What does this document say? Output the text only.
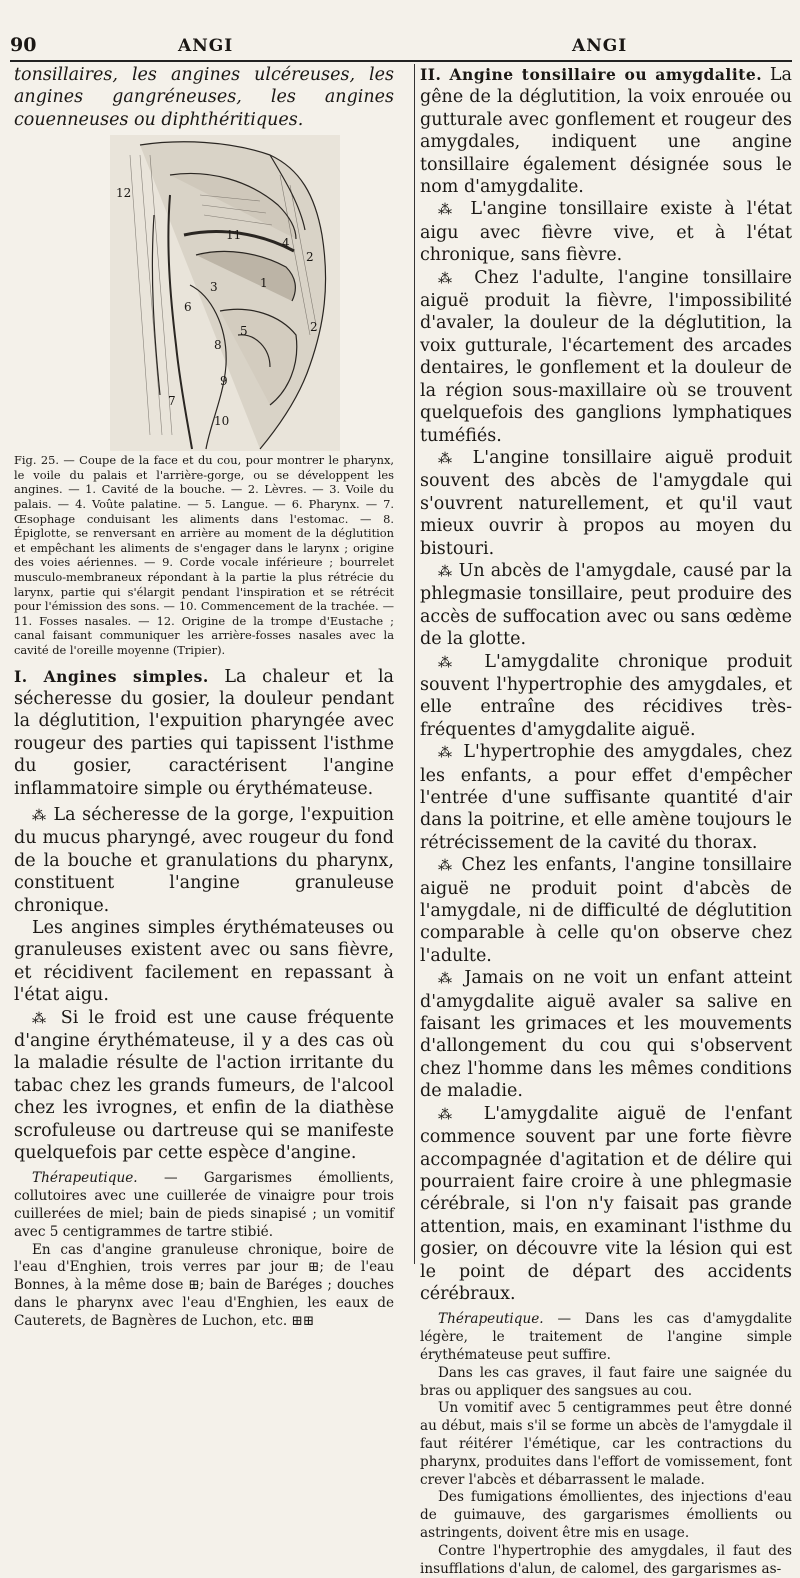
90	ANGI	ANGI

tonsillaires, les angines ulcéreuses, les angines gangréneuses, les angines couenneuses ou diphthéritiques.

12
11
1
2
2
3
4
5
6
7
8
9
10

Fig. 25. — Coupe de la face et du cou, pour montrer le pharynx, le voile du palais et l'arrière-gorge, ou se développent les angines. — 1. Cavité de la bouche. — 2. Lèvres. — 3. Voile du palais. — 4. Voûte palatine. — 5. Langue. — 6. Pharynx. — 7. Œsophage conduisant les aliments dans l'estomac. — 8. Épiglotte, se renversant en arrière au moment de la déglutition et empêchant les aliments de s'engager dans le larynx ; origine des voies aériennes. — 9. Corde vocale inférieure ; bourrelet musculo-membraneux répondant à la partie la plus rétrécie du larynx, partie qui s'élargit pendant l'inspiration et se rétrécit pour l'émission des sons. — 10. Commencement de la trachée. — 11. Fosses nasales. — 12. Origine de la trompe d'Eustache ; canal faisant communiquer les arrière-fosses nasales avec la cavité de l'oreille moyenne (Tripier).

I. Angines simples. La chaleur et la sécheresse du gosier, la douleur pendant la déglutition, l'expuition pharyngée avec rougeur des parties qui tapissent l'isthme du gosier, caractérisent l'angine inflammatoire simple ou érythémateuse.

⁂ La sécheresse de la gorge, l'expuition du mucus pharyngé, avec rougeur du fond de la bouche et granulations du pharynx, constituent l'angine granuleuse chronique.

Les angines simples érythémateuses ou granuleuses existent avec ou sans fièvre, et récidivent facilement en repassant à l'état aigu.

⁂ Si le froid est une cause fréquente d'angine érythémateuse, il y a des cas où la maladie résulte de l'action irritante du tabac chez les grands fumeurs, de l'alcool chez les ivrognes, et enfin de la diathèse scrofuleuse ou dartreuse qui se manifeste quelquefois par cette espèce d'angine.

Thérapeutique. — Gargarismes émollients, collutoires avec une cuillerée de vinaigre pour trois cuillerées de miel; bain de pieds sinapisé ; un vomitif avec 5 centigrammes de tartre stibié.

En cas d'angine granuleuse chronique, boire de l'eau d'Enghien, trois verres par jour ⊞; de l'eau Bonnes, à la même dose ⊞; bain de Baréges ; douches dans le pharynx avec l'eau d'Enghien, les eaux de Cauterets, de Bagnères de Luchon, etc. ⊞⊞

II. Angine tonsillaire ou amygdalite. La gêne de la déglutition, la voix enrouée ou gutturale avec gonflement et rougeur des amygdales, indiquent une angine tonsillaire également désignée sous le nom d'amygdalite.

⁂ L'angine tonsillaire existe à l'état aigu avec fièvre vive, et à l'état chronique, sans fièvre.

⁂ Chez l'adulte, l'angine tonsillaire aiguë produit la fièvre, l'impossibilité d'avaler, la douleur de la déglutition, la voix gutturale, l'écartement des arcades dentaires, le gonflement et la douleur de la région sous-maxillaire où se trouvent quelquefois des ganglions lymphatiques tuméfiés.

⁂ L'angine tonsillaire aiguë produit souvent des abcès de l'amygdale qui s'ouvrent naturellement, et qu'il vaut mieux ouvrir à propos au moyen du bistouri.

⁂ Un abcès de l'amygdale, causé par la phlegmasie tonsillaire, peut produire des accès de suffocation avec ou sans œdème de la glotte.

⁂ L'amygdalite chronique produit souvent l'hypertrophie des amygdales, et elle entraîne des récidives très-fréquentes d'amygdalite aiguë.

⁂ L'hypertrophie des amygdales, chez les enfants, a pour effet d'empêcher l'entrée d'une suffisante quantité d'air dans la poitrine, et elle amène toujours le rétrécissement de la cavité du thorax.

⁂ Chez les enfants, l'angine tonsillaire aiguë ne produit point d'abcès de l'amygdale, ni de difficulté de déglutition comparable à celle qu'on observe chez l'adulte.

⁂ Jamais on ne voit un enfant atteint d'amygdalite aiguë avaler sa salive en faisant les grimaces et les mouvements d'allongement du cou qui s'observent chez l'homme dans les mêmes conditions de maladie.

⁂ L'amygdalite aiguë de l'enfant commence souvent par une forte fièvre accompagnée d'agitation et de délire qui pourraient faire croire à une phlegmasie cérébrale, si l'on n'y faisait pas grande attention, mais, en examinant l'isthme du gosier, on découvre vite la lésion qui est le point de départ des accidents cérébraux.

Thérapeutique. — Dans les cas d'amygdalite légère, le traitement de l'angine simple érythémateuse peut suffire.

Dans les cas graves, il faut faire une saignée du bras ou appliquer des sangsues au cou.

Un vomitif avec 5 centigrammes peut être donné au début, mais s'il se forme un abcès de l'amygdale il faut réitérer l'émétique, car les contractions du pharynx, produites dans l'effort de vomissement, font crever l'abcès et débarrassent le malade.

Des fumigations émollientes, des injections d'eau de guimauve, des gargarismes émollients ou astringents, doivent être mis en usage.

Contre l'hypertrophie des amygdales, il faut des insufflations d'alun, de calomel, des gargarismes as-
